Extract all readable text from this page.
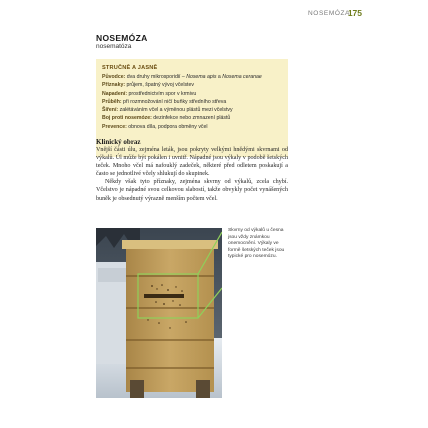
NOSEMÓZA
175
NOSEMÓZA
nosematóza
STRUČNĚ A JASNĚ
Původce: dva druhy mikrosporidií – Nosema apis a Nosema ceranae
Příznaky: průjem, špatný vývoj včelstev
Napadení: prostřednictvím spor v krmivu
Průběh: při rozmnožování ničí buňky středního střeva
Šíření: zalétáváním včel a výměnou plástů mezi včelstvy
Boj proti nosemóze: dezinfekce nebo zmnazení plástů
Prevence: obnova díla, podpora obměny včel
Klinický obraz

Vnější části úlu, zejména leták, jsou pokryty velkými hnědými skvrnami od výkalů. Úl může být pokálen i uvnitř. Nápadné jsou výkaly v podobě šetských teček. Mnoho včel má nafouklý zadeček, některé před odletem poskakují a často se jednotlivé včely shlukují do skupinek.

Někdy však tyto příznaky, zejména skvrny od výkalů, zcela chybí. Včelstvo je nápadné svou celkovou slabostí, takže obvykly počet vynášených buněk je obsednutý výrazně menším počtem včel.

Skvrny od výkalů u česna jsou vždy známkou onemocnění. Výkaly ve formě šetských teček jsou typické pro nosemózu.
